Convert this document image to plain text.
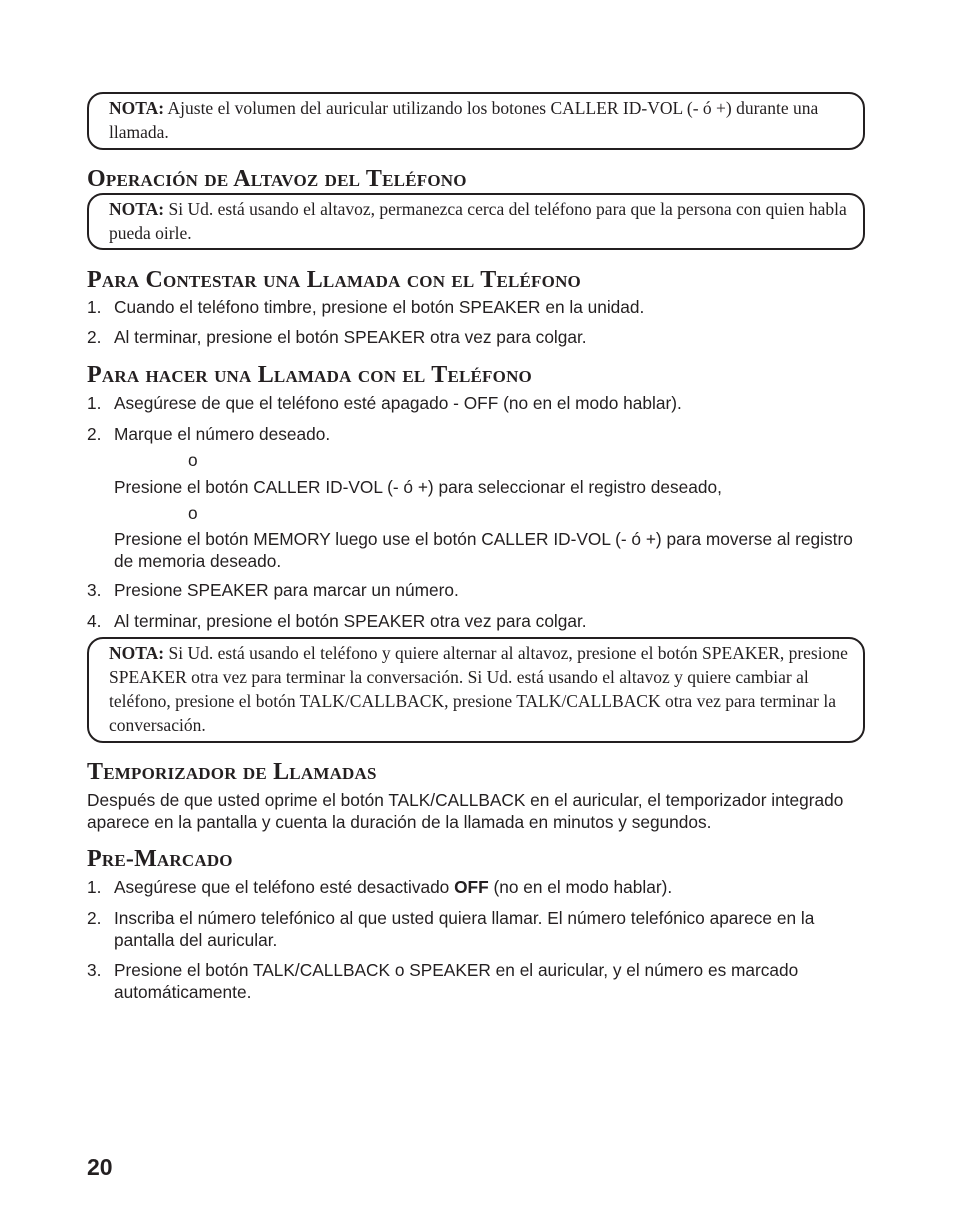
NOTA: Ajuste el volumen del auricular utilizando los botones CALLER ID-VOL (- ó +) durante una llamada.
Operación de Altavoz del Teléfono
NOTA: Si Ud. está usando el altavoz, permanezca cerca del teléfono para que la persona con quien habla pueda oirle.
Para Contestar una Llamada con el Teléfono
1. Cuando el teléfono timbre, presione el botón SPEAKER en la unidad.
2. Al terminar, presione el botón SPEAKER otra vez para colgar.
Para hacer una Llamada con el Teléfono
1. Asegúrese de que el teléfono esté apagado - OFF (no en el modo hablar).
2. Marque el número deseado.
o
Presione el botón CALLER ID-VOL (- ó +) para seleccionar el registro deseado,
o
Presione el botón MEMORY luego use el botón CALLER ID-VOL (- ó +) para moverse al registro de memoria deseado.
3. Presione SPEAKER para marcar un número.
4. Al terminar, presione el botón SPEAKER otra vez para colgar.
NOTA: Si Ud. está usando el teléfono y quiere alternar al altavoz, presione el botón SPEAKER, presione SPEAKER otra vez para terminar la conversación. Si Ud. está usando el altavoz y quiere cambiar al teléfono, presione el botón TALK/CALLBACK, presione TALK/CALLBACK otra vez para terminar la conversación.
Temporizador de Llamadas
Después de que usted oprime el botón TALK/CALLBACK en el auricular, el temporizador integrado aparece en la pantalla y cuenta la duración de la llamada en minutos y segundos.
Pre-Marcado
1. Asegúrese que el teléfono esté desactivado OFF (no en el modo hablar).
2. Inscriba el número telefónico al que usted quiera llamar. El número telefónico aparece en la pantalla del auricular.
3. Presione el botón TALK/CALLBACK o SPEAKER en el auricular, y el número es marcado automáticamente.
20
